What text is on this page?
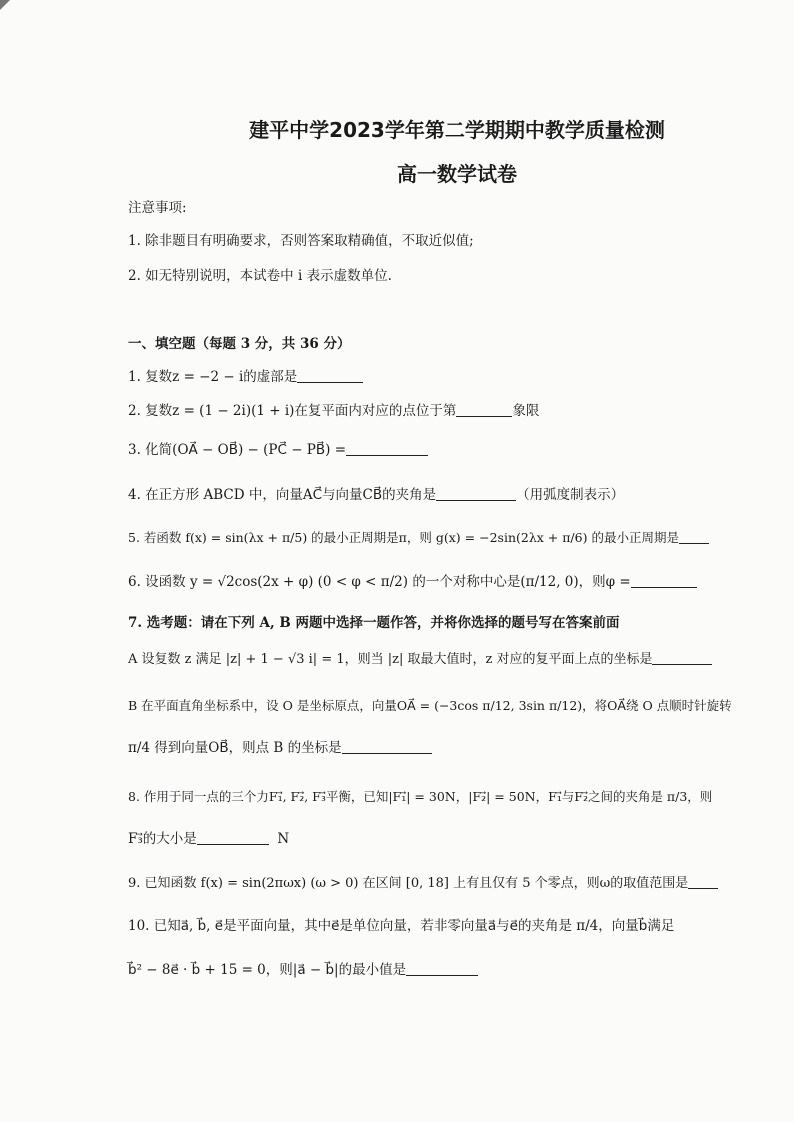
建平中学2023学年第二学期期中教学质量检测
高一数学试卷
注意事项:
1. 除非题目有明确要求，否则答案取精确值，不取近似值;
2. 如无特别说明，本试卷中 i 表示虚数单位.
一、填空题（每题 3 分，共 36 分）
1. 复数z = −2 − i的虚部是
2. 复数z = (1 − 2i)(1 + i)在复平面内对应的点位于第	象限
3. 化简(OA⃗ − OB⃗) − (PC⃗ − PB⃗) =
4. 在正方形 ABCD 中，向量AC⃗与向量CB⃗的夹角是	（用弧度制表示）
5. 若函数 f(x) = sin(λx + π/5) 的最小正周期是π，则 g(x) = −2sin(2λx + π/6) 的最小正周期是
6. 设函数 y = √2cos(2x + φ) (0 < φ < π/2) 的一个对称中心是(π/12, 0)，则φ =
7. 选考题：请在下列 A, B 两题中选择一题作答，并将你选择的题号写在答案前面
A 设复数 z 满足 |z| + 1 − √3 i| = 1，则当 |z| 取最大值时，z 对应的复平面上点的坐标是
B 在平面直角坐标系中，设 O 是坐标原点，向量OA⃗ = (−3cos π/12, 3sin π/12)，将OA⃗绕 O 点顺时针旋转
π/4 得到向量OB⃗，则点 B 的坐标是
8. 作用于同一点的三个力F₁⃗, F₂⃗, F₃⃗平衡，已知|F₁⃗| = 30N，|F₂⃗| = 50N，F₁⃗与F₂⃗之间的夹角是 π/3，则
F₃⃗的大小是	N
9. 已知函数 f(x) = sin(2πωx) (ω > 0) 在区间 [0, 18] 上有且仅有 5 个零点，则ω的取值范围是
10. 已知a⃗, b⃗, e⃗是平面向量，其中e⃗是单位向量，若非零向量a⃗与e⃗的夹角是 π/4，向量b⃗满足
b⃗² − 8e⃗ · b⃗ + 15 = 0，则|a⃗ − b⃗|的最小值是
